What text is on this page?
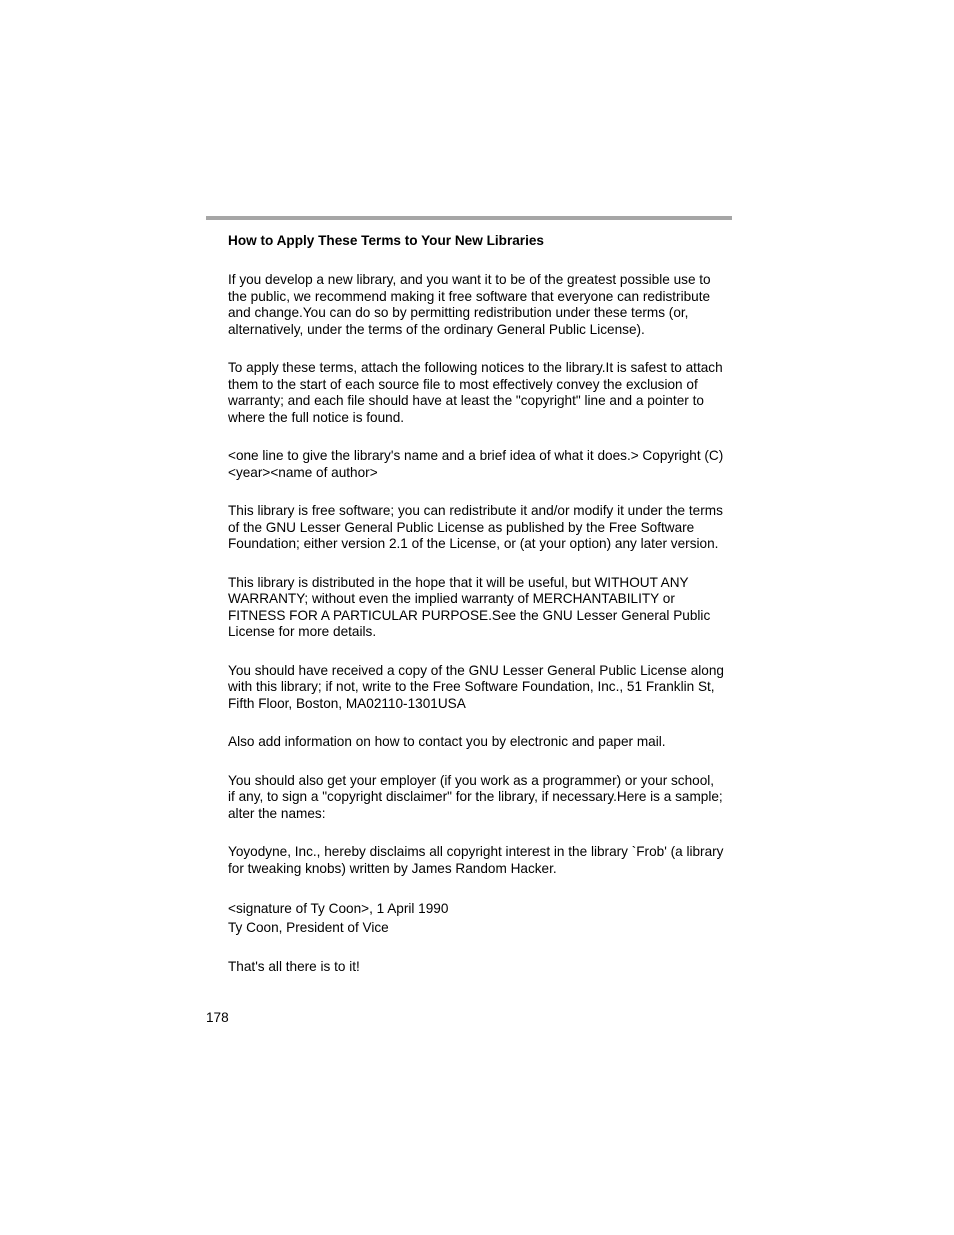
How to Apply These Terms to Your New Libraries

If you develop a new library, and you want it to be of the greatest possible use to
the public, we recommend making it free software that everyone can redistribute
and change.You can do so by permitting redistribution under these terms (or,
alternatively, under the terms of the ordinary General Public License).

To apply these terms, attach the following notices to the library.It is safest to attach
them to the start of each source file to most effectively convey the exclusion of
warranty; and each file should have at least the "copyright" line and a pointer to
where the full notice is found.

<one line to give the library's name and a brief idea of what it does.> Copyright (C)
<year><name of author>

This library is free software; you can redistribute it and/or modify it under the terms
of the GNU Lesser General Public License as published by the Free Software
Foundation; either version 2.1 of the License, or (at your option) any later version.

This library is distributed in the hope that it will be useful, but WITHOUT ANY
WARRANTY; without even the implied warranty of MERCHANTABILITY or
FITNESS FOR A PARTICULAR PURPOSE.See the GNU Lesser General Public
License for more details.

You should have received a copy of the GNU Lesser General Public License along
with this library; if not, write to the Free Software Foundation, Inc., 51 Franklin St,
Fifth Floor, Boston, MA02110-1301USA

Also add information on how to contact you by electronic and paper mail.

You should also get your employer (if you work as a programmer) or your school,
if any, to sign a "copyright disclaimer" for the library, if necessary.Here is a sample;
alter the names:

Yoyodyne, Inc., hereby disclaims all copyright interest in the library `Frob' (a library
for tweaking knobs) written by James Random Hacker.

<signature of Ty Coon>, 1 April 1990
Ty Coon, President of Vice

That's all there is to it!

178
